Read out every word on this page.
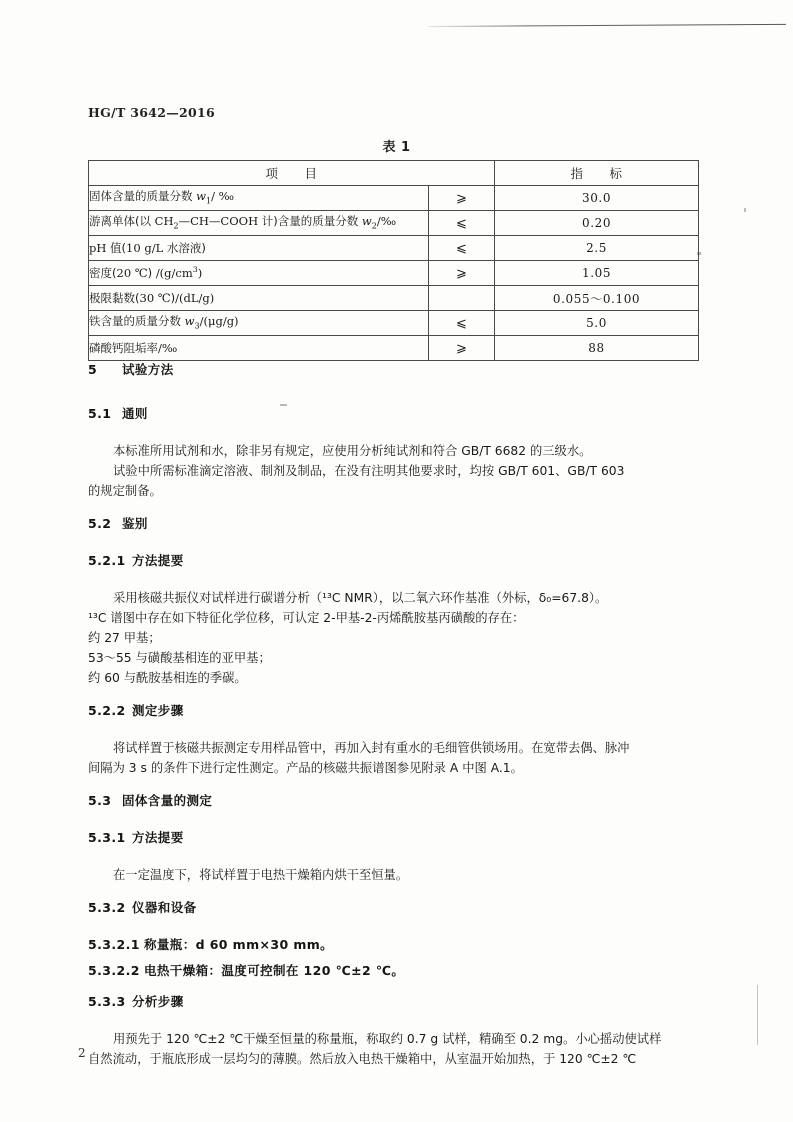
HG/T 3642—2016
表 1
项　　目		指　　标
固体含量的质量分数 $w_1/$ ‰	⩾	30.0
游离单体(以 $CH_2—CH—COOH$ 计)含量的质量分数 $w_2/‰$	⩽	0.20
pH 值(10 g/L 水溶液)	⩽	2.5
密度(20 ℃) $/(g/cm^3)$	⩾	1.05
极限黏数(30 ℃)/(dL/g)		0.055～0.100
铁含量的质量分数 $w_3/(\mu g/g)$	⩽	5.0
磷酸钙阻垢率/‰	⩾	88

5 试验方法

5.1 通则

本标准所用试剂和水，除非另有规定，应使用分析纯试剂和符合 GB/T 6682 的三级水。

试验中所需标准滴定溶液、制剂及制品，在没有注明其他要求时，均按 GB/T 601、GB/T 603

的规定制备。

5.2 鉴别

5.2.1 方法提要

采用核磁共振仪对试样进行碳谱分析（¹³C NMR），以二氧六环作基准（外标，δ₀=67.8）。

¹³C 谱图中存在如下特征化学位移，可认定 2-甲基-2-丙烯酰胺基丙磺酸的存在：

约 27 甲基；

53～55 与磺酸基相连的亚甲基；

约 60 与酰胺基相连的季碳。

5.2.2 测定步骤

将试样置于核磁共振测定专用样品管中，再加入封有重水的毛细管供锁场用。在宽带去偶、脉冲

间隔为 3 s 的条件下进行定性测定。产品的核磁共振谱图参见附录 A 中图 A.1。

5.3 固体含量的测定

5.3.1 方法提要

在一定温度下，将试样置于电热干燥箱内烘干至恒量。

5.3.2 仪器和设备

5.3.2.1 称量瓶：d 60 mm×30 mm。

5.3.2.2 电热干燥箱：温度可控制在 120 ℃±2 ℃。

5.3.3 分析步骤

用预先于 120 ℃±2 ℃干燥至恒量的称量瓶，称取约 0.7 g 试样，精确至 0.2 mg。小心摇动使试样

自然流动，于瓶底形成一层均匀的薄膜。然后放入电热干燥箱中，从室温开始加热，于 120 ℃±2 ℃

2
